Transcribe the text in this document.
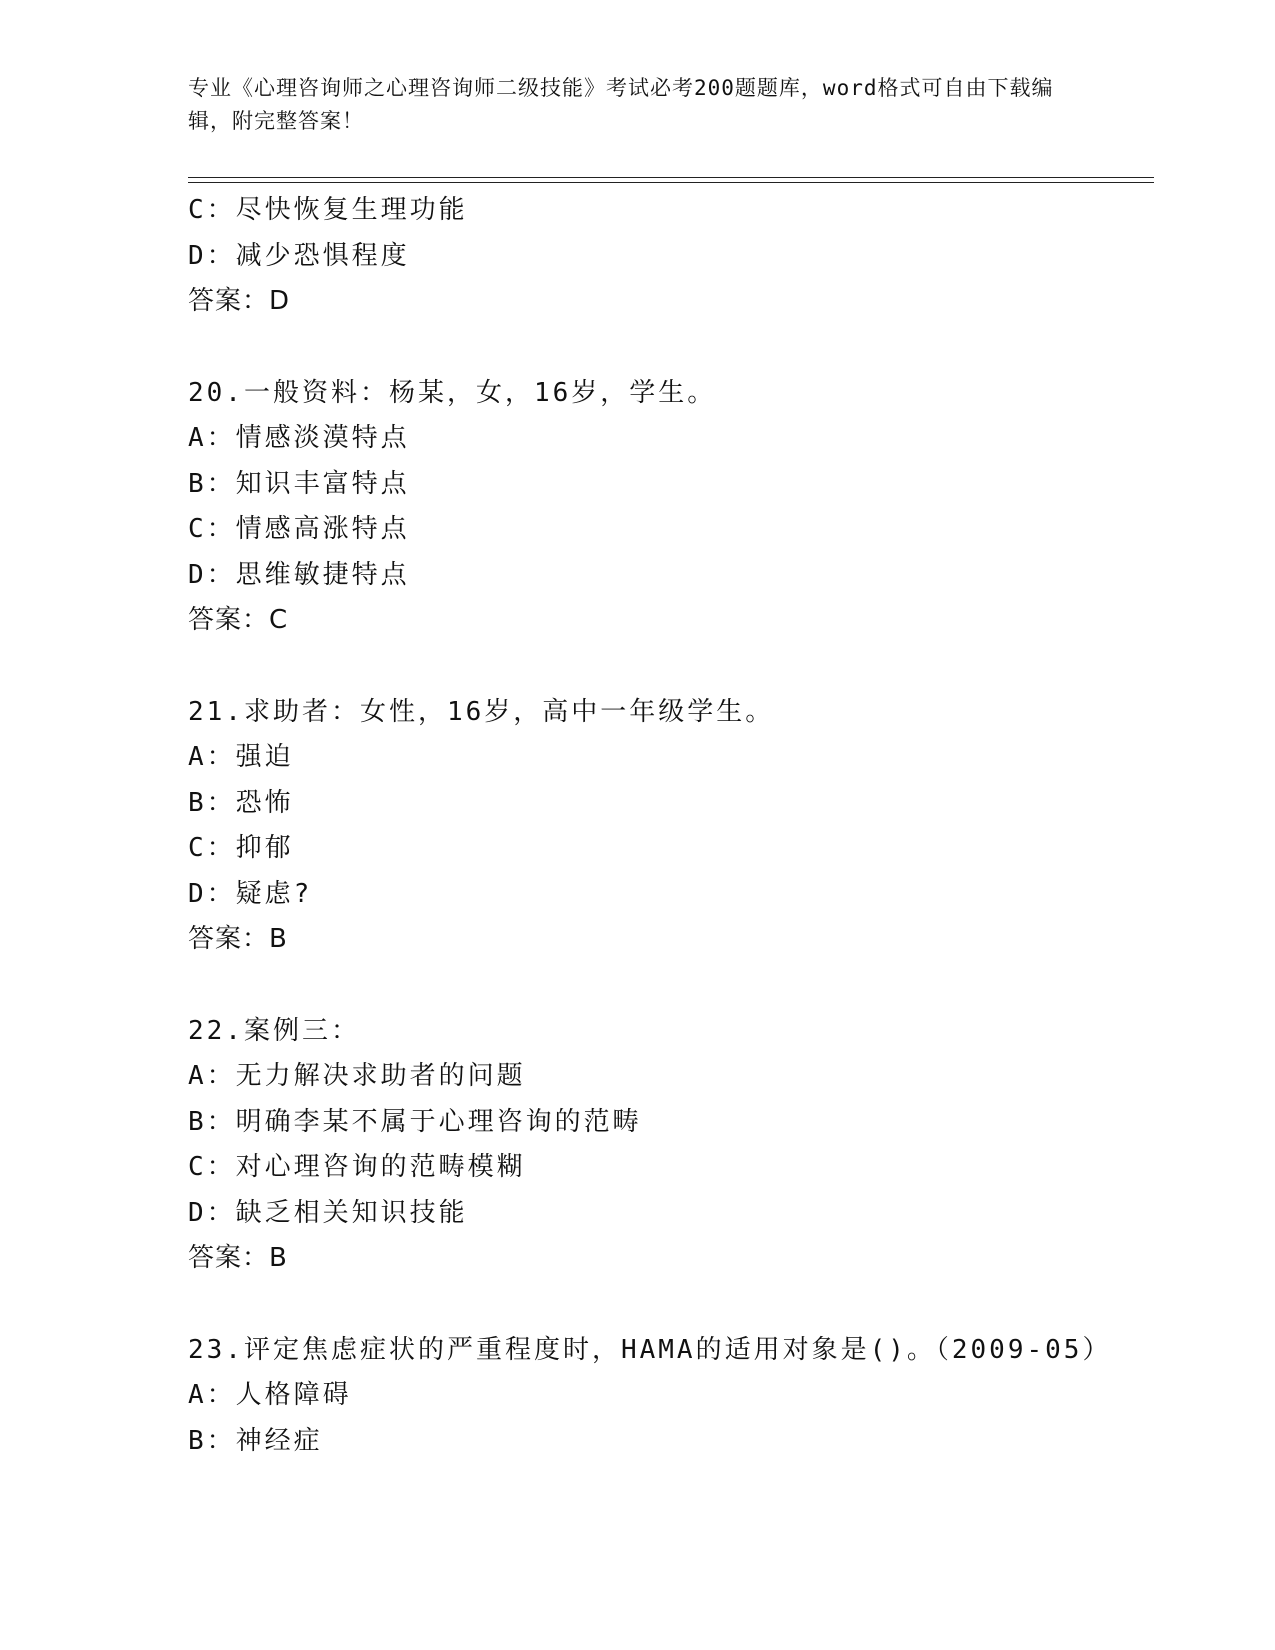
专业《心理咨询师之心理咨询师二级技能》考试必考200题题库，word格式可自由下载编辑，附完整答案！
C：尽快恢复生理功能
D：减少恐惧程度
答案：D
20.一般资料：杨某，女，16岁，学生。
A：情感淡漠特点
B：知识丰富特点
C：情感高涨特点
D：思维敏捷特点
答案：C
21.求助者：女性，16岁，高中一年级学生。
A：强迫
B：恐怖
C：抑郁
D：疑虑?
答案：B
22.案例三：
A：无力解决求助者的问题
B：明确李某不属于心理咨询的范畴
C：对心理咨询的范畴模糊
D：缺乏相关知识技能
答案：B
23.评定焦虑症状的严重程度时，HAMA的适用对象是()。（2009-05）
A：人格障碍
B：神经症
